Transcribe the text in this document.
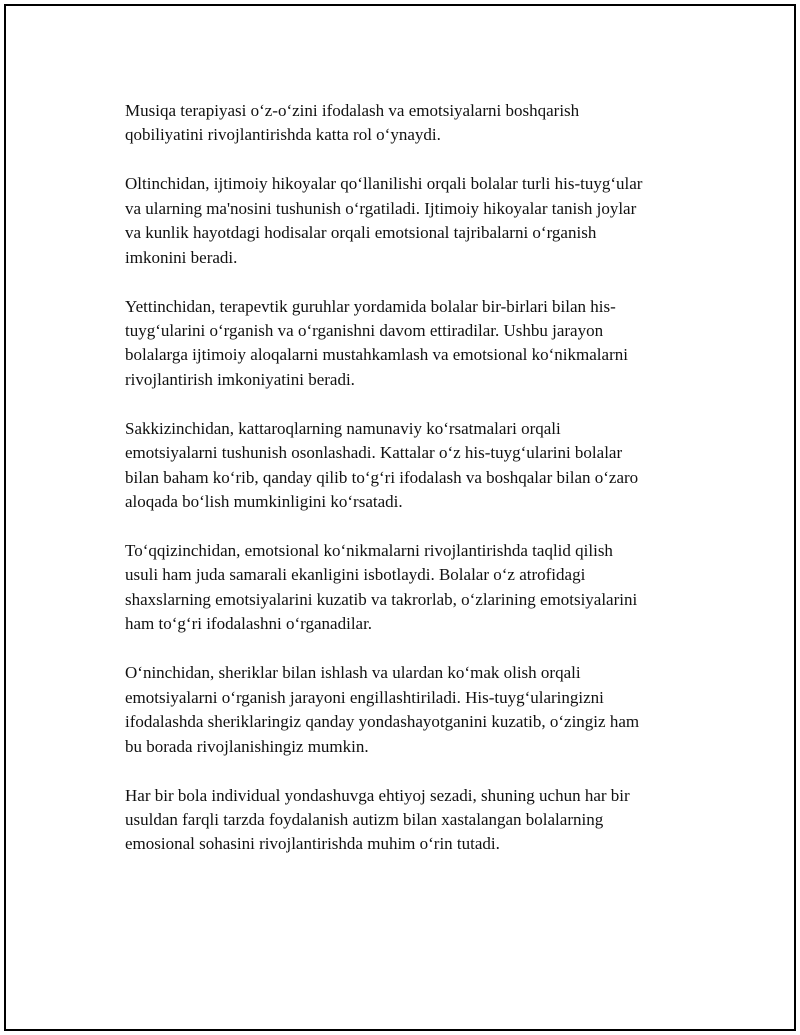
Musiqa terapiyasi o‘z-o‘zini ifodalash va emotsiyalarni boshqarish
qobiliyatini rivojlantirishda katta rol o‘ynaydi.

Oltinchidan, ijtimoiy hikoyalar qo‘llanilishi orqali bolalar turli his-tuyg‘ular
va ularning ma'nosini tushunish o‘rgatiladi. Ijtimoiy hikoyalar tanish joylar
va kunlik hayotdagi hodisalar orqali emotsional tajribalarni o‘rganish
imkonini beradi.

Yettinchidan, terapevtik guruhlar yordamida bolalar bir-birlari bilan his-
tuyg‘ularini o‘rganish va o‘rganishni davom ettiradilar. Ushbu jarayon
bolalarga ijtimoiy aloqalarni mustahkamlash va emotsional ko‘nikmalarni
rivojlantirish imkoniyatini beradi.

Sakkizinchidan, kattaroqlarning namunaviy ko‘rsatmalari orqali
emotsiyalarni tushunish osonlashadi. Kattalar o‘z his-tuyg‘ularini bolalar
bilan baham ko‘rib, qanday qilib to‘g‘ri ifodalash va boshqalar bilan o‘zaro
aloqada bo‘lish mumkinligini ko‘rsatadi.

To‘qqizinchidan, emotsional ko‘nikmalarni rivojlantirishda taqlid qilish
usuli ham juda samarali ekanligini isbotlaydi. Bolalar o‘z atrofidagi
shaxslarning emotsiyalarini kuzatib va takrorlab, o‘zlarining emotsiyalarini
ham to‘g‘ri ifodalashni o‘rganadilar.

O‘ninchidan, sheriklar bilan ishlash va ulardan ko‘mak olish orqali
emotsiyalarni o‘rganish jarayoni engillashtiriladi. His-tuyg‘ularingizni
ifodalashda sheriklaringiz qanday yondashayotganini kuzatib, o‘zingiz ham
bu borada rivojlanishingiz mumkin.

Har bir bola individual yondashuvga ehtiyoj sezadi, shuning uchun har bir
usuldan farqli tarzda foydalanish autizm bilan xastalangan bolalarning
emosional sohasini rivojlantirishda muhim o‘rin tutadi.
